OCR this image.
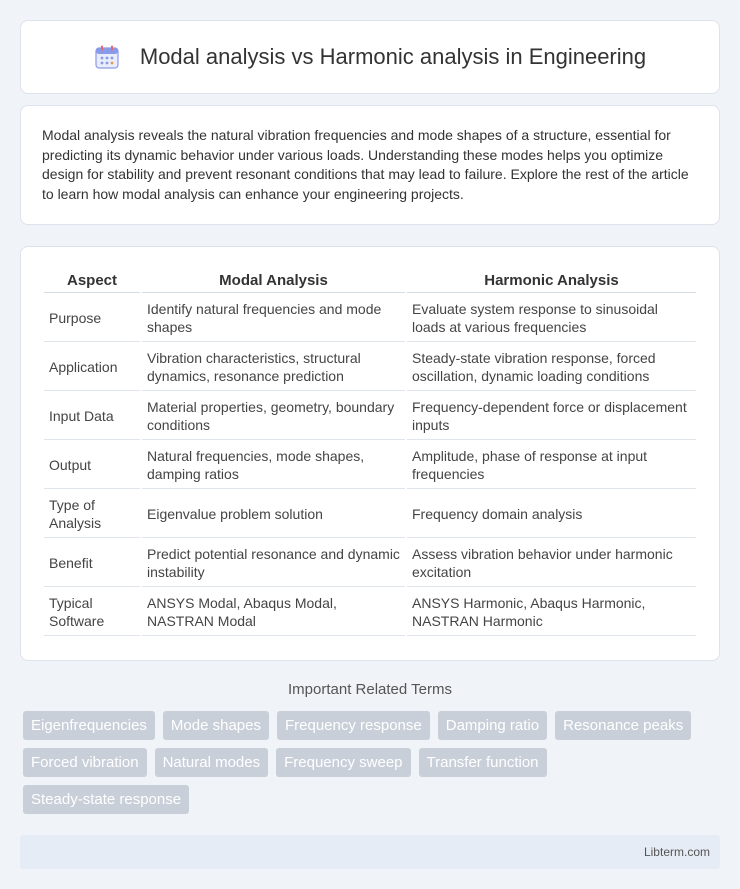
Modal analysis vs Harmonic analysis in Engineering
Modal analysis reveals the natural vibration frequencies and mode shapes of a structure, essential for predicting its dynamic behavior under various loads. Understanding these modes helps you optimize design for stability and prevent resonant conditions that may lead to failure. Explore the rest of the article to learn how modal analysis can enhance your engineering projects.
Aspect	Modal Analysis	Harmonic Analysis
Purpose	Identify natural frequencies and mode shapes	Evaluate system response to sinusoidal loads at various frequencies
Application	Vibration characteristics, structural dynamics, resonance prediction	Steady-state vibration response, forced oscillation, dynamic loading conditions
Input Data	Material properties, geometry, boundary conditions	Frequency-dependent force or displacement inputs
Output	Natural frequencies, mode shapes, damping ratios	Amplitude, phase of response at input frequencies
Type of Analysis	Eigenvalue problem solution	Frequency domain analysis
Benefit	Predict potential resonance and dynamic instability	Assess vibration behavior under harmonic excitation
Typical Software	ANSYS Modal, Abaqus Modal, NASTRAN Modal	ANSYS Harmonic, Abaqus Harmonic, NASTRAN Harmonic
Important Related Terms
Eigenfrequencies	Mode shapes	Frequency response	Damping ratio	Resonance peaks
Forced vibration	Natural modes	Frequency sweep	Transfer function
Steady-state response
Libterm.com
